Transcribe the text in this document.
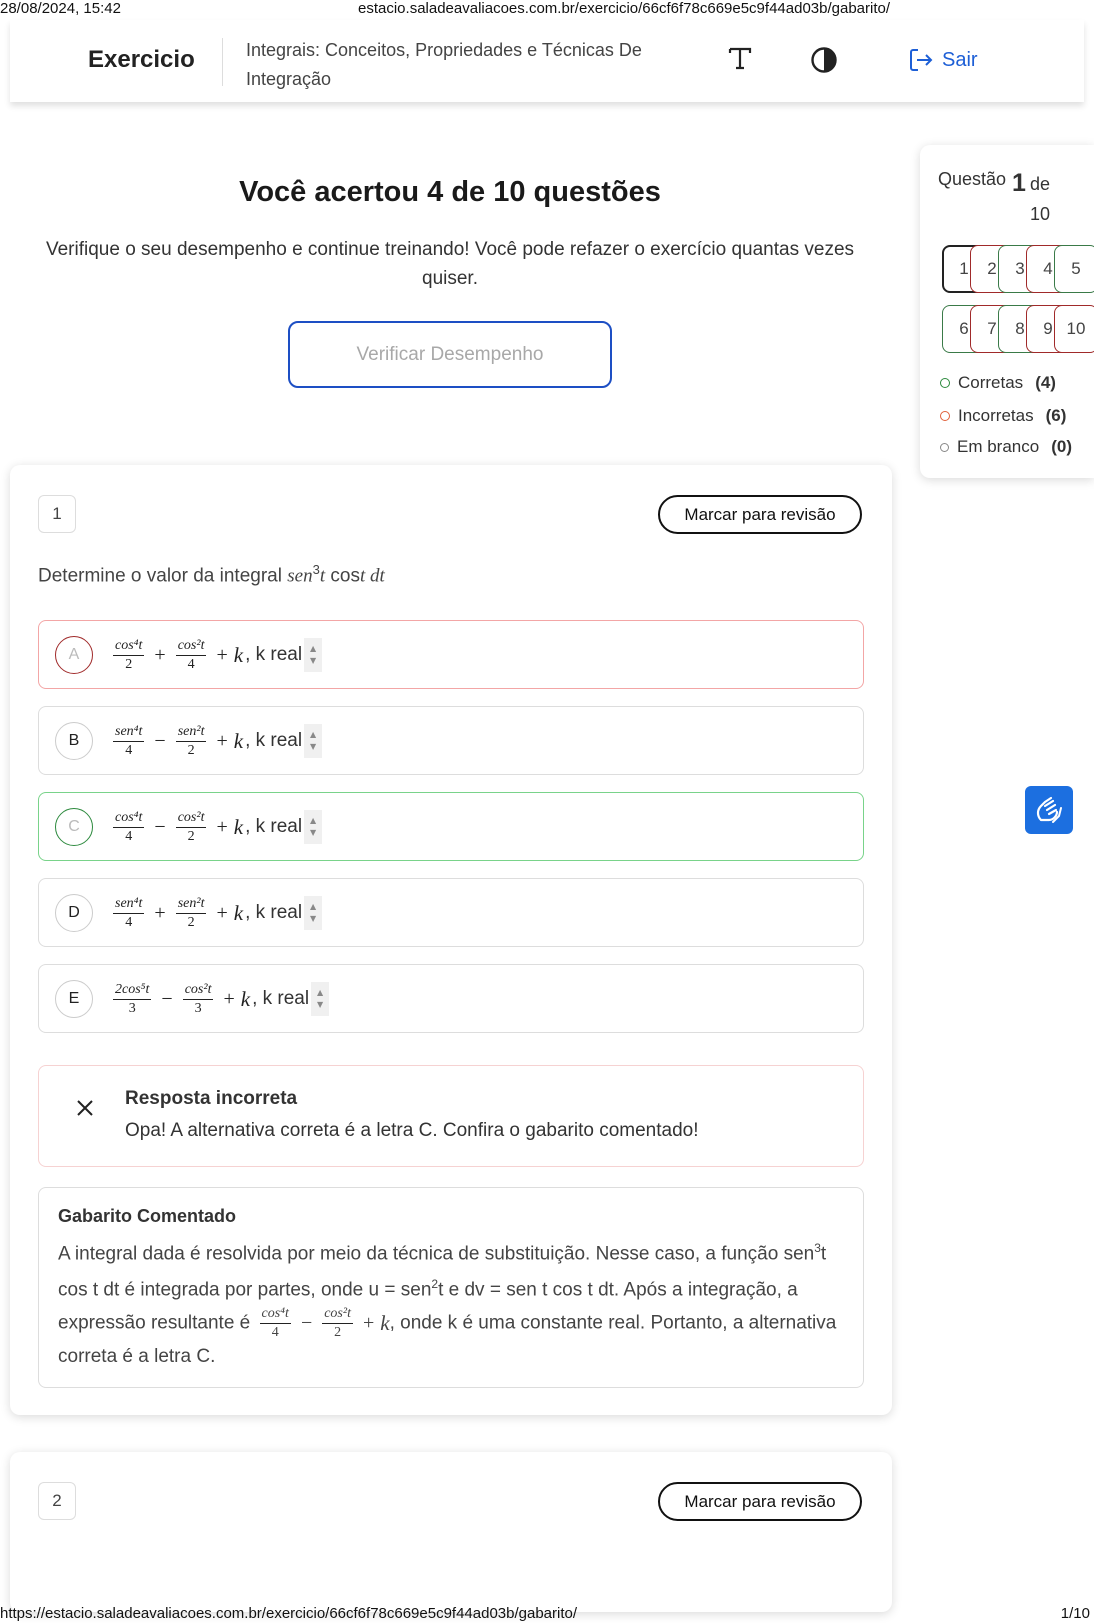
28/08/2024, 15:42	estacio.saladeavaliacoes.com.br/exercicio/66cf6f78c669e5c9f44ad03b/gabarito/
Exercicio	Integrais: Conceitos, Propriedades e Técnicas De Integração
Sair
Você acertou 4 de 10 questões
Verifique o seu desempenho e continue treinando! Você pode refazer o exercício quantas vezes quiser.
Verificar Desempenho
Questão 1 de 10
1	2	3	4	5
6	7	8	9 10
Corretas (4)
Incorretas (6)
Em branco (0)
1	Marcar para revisão
Determine o valor da integral sen$^3$t cost dt
A	$\frac{\text{cos⁴t}}{2} + \frac{\text{cos²t}}{4} + k$ , k real ▲
▼
B	$\frac{\text{sen⁴t}}{4} - \frac{\text{sen²t}}{2} + k$ , k real ▲
▼
C	$\frac{\text{cos⁴t}}{4} - \frac{\text{cos²t}}{2} + k$ , k real ▲
▼
D	$\frac{\text{sen⁴t}}{4} + \frac{\text{sen²t}}{2} + k$ , k real ▲
▼
E	$\frac{\text{2cos⁵t}}{3} - \frac{\text{cos²t}}{3} + k$ , k real ▲
▼
Resposta incorreta
Opa! A alternativa correta é a letra C. Confira o gabarito comentado!
Gabarito Comentado
A integral dada é resolvida por meio da técnica de substituição. Nesse caso, a função sen$^3$t cos t dt é integrada por partes, onde u = sen$^2$t e dv = sen t cos t dt. Após a integração, a expressão resultante é $\frac{\text{cos⁴t}}{4} - \frac{\text{cos²t}}{2} + k$ , onde k é uma constante real. Portanto, a alternativa correta é a letra C.
2	Marcar para revisão
https://estacio.saladeavaliacoes.com.br/exercicio/66cf6f78c669e5c9f44ad03b/gabarito/	1/10
